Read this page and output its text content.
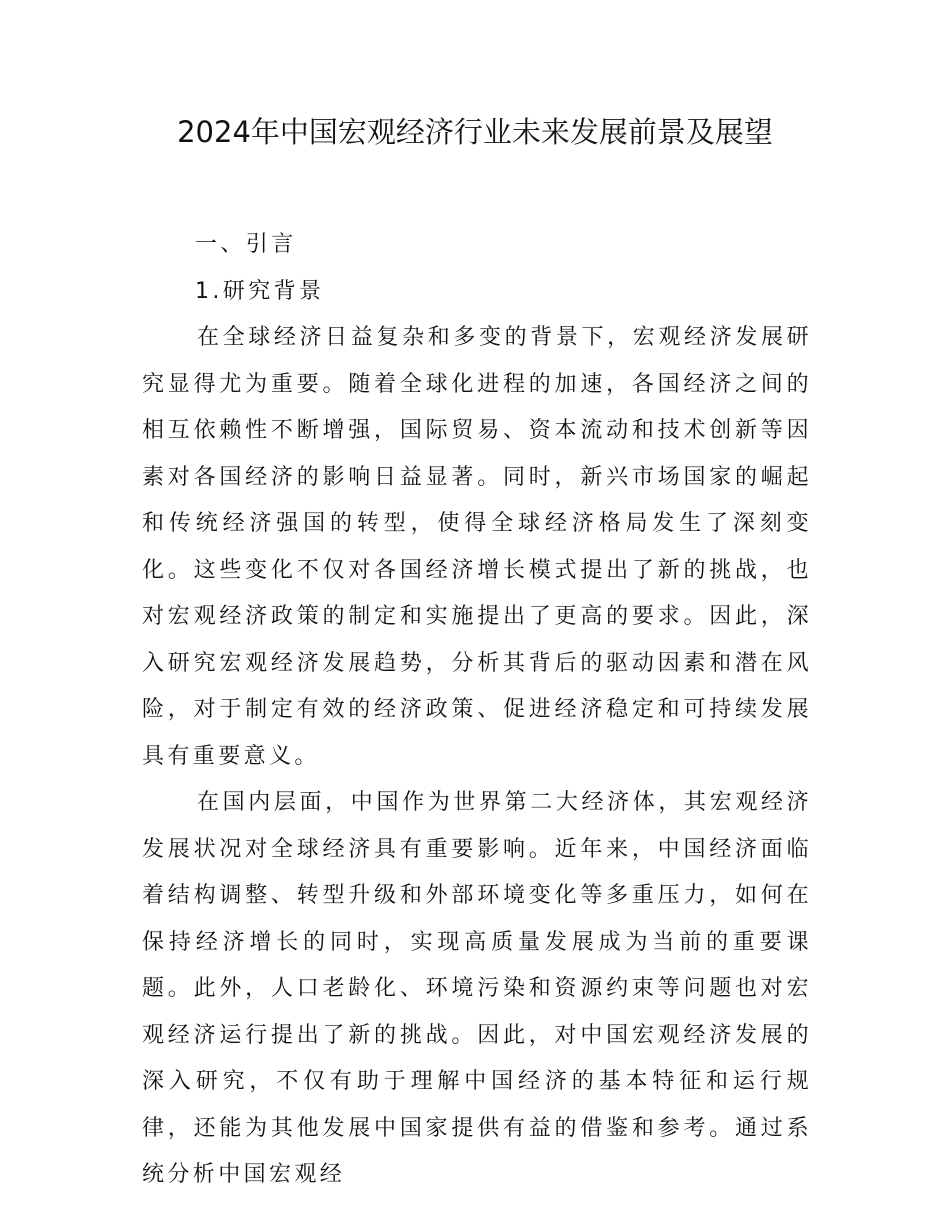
2024年中国宏观经济行业未来发展前景及展望

一、引言

1.研究背景

在全球经济日益复杂和多变的背景下，宏观经济发展研究显得尤为重要。随着全球化进程的加速，各国经济之间的相互依赖性不断增强，国际贸易、资本流动和技术创新等因素对各国经济的影响日益显著。同时，新兴市场国家的崛起和传统经济强国的转型，使得全球经济格局发生了深刻变化。这些变化不仅对各国经济增长模式提出了新的挑战，也对宏观经济政策的制定和实施提出了更高的要求。因此，深入研究宏观经济发展趋势，分析其背后的驱动因素和潜在风险，对于制定有效的经济政策、促进经济稳定和可持续发展具有重要意义。

在国内层面，中国作为世界第二大经济体，其宏观经济发展状况对全球经济具有重要影响。近年来，中国经济面临着结构调整、转型升级和外部环境变化等多重压力，如何在保持经济增长的同时，实现高质量发展成为当前的重要课题。此外，人口老龄化、环境污染和资源约束等问题也对宏观经济运行提出了新的挑战。因此，对中国宏观经济发展的深入研究，不仅有助于理解中国经济的基本特征和运行规律，还能为其他发展中国家提供有益的借鉴和参考。通过系统分析中国宏观经
